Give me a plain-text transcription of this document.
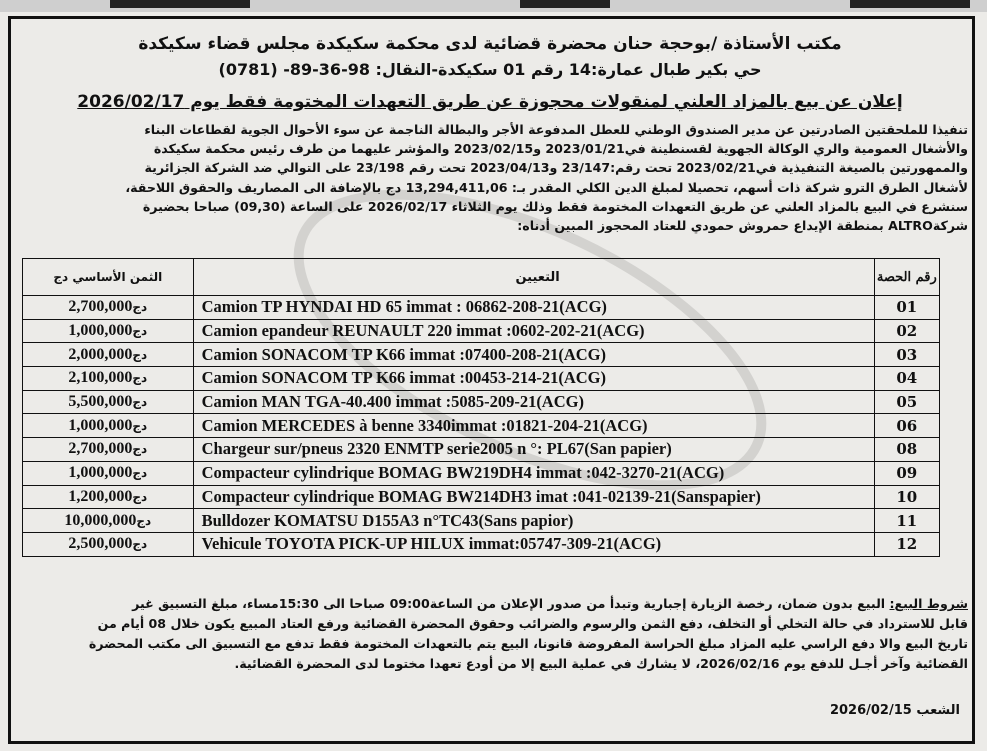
مكتب الأستاذة /بوحجة حنان محضرة قضائية لدى محكمة سكيكدة مجلس قضاء سكيكدة
حي بكير طبال عمارة:14 رقم 01 سكيكدة-النقال: 98-36-89- (0781)
إعلان عن بيع بالمزاد العلني لمنقولات محجوزة عن طريق التعهدات المختومة فقط يوم 2026/02/17

تنفيذا للملحقتين الصادرتين عن مدير الصندوق الوطني للعطل المدفوعة الأجر والبطالة الناجمة عن سوء الأحوال الجوية لقطاعات البناء

والأشغال العمومية والري الوكالة الجهوية لقسنطينة في2023/01/21 و2023/02/15 والمؤشر عليهما من طرف رئيس محكمة سكيكدة

والممهورتين بالصيغة التنفيذية في2023/02/21 تحت رقم:23/147 و2023/04/13 تحت رقم 23/198 على التوالي ضد الشركة الجزائرية

لأشغال الطرق الترو شركة ذات أسهم، تحصيلا لمبلغ الدين الكلي المقدر بـ: 13,294,411,06 دج بالإضافة الى المصاريف والحقوق اللاحقة،

سنشرع في البيع بالمزاد العلني عن طريق التعهدات المختومة فقط وذلك يوم الثلاثاء 2026/02/17 على الساعة (09,30) صباحا بحضيرة

شركةALTRO بمنطقة الإيداع حمروش حمودي للعتاد المحجوز المبين أدناه:

رقم الحصة	التعيين	الثمن الأساسي دج
01	Camion TP HYNDAI HD 65 immat : 06862-208-21(ACG)	دج2,700,000
02	Camion epandeur REUNAULT 220 immat :0602-202-21(ACG)	دج1,000,000
03	Camion SONACOM TP K66 immat :07400-208-21(ACG)	دج2,000,000
04	Camion SONACOM TP K66 immat :00453-214-21(ACG)	دج2,100,000
05	Camion MAN TGA-40.400 immat :5085-209-21(ACG)	دج5,500,000
06	Camion MERCEDES à benne 3340immat :01821-204-21(ACG)	دج1,000,000
08	Chargeur sur/pneus 2320 ENMTP serie2005 n °: PL67(San papier)	دج2,700,000
09	Compacteur cylindrique BOMAG BW219DH4 immat :042-3270-21(ACG)	دج1,000,000
10	Compacteur cylindrique BOMAG BW214DH3 imat :041-02139-21(Sanspapier)	دج1,200,000
11	Bulldozer KOMATSU D155A3 n°TC43(Sans papior)	دج10,000,000
12	Vehicule TOYOTA PICK-UP HILUX immat:05747-309-21(ACG)	دج2,500,000

شروط البيع: البيع بدون ضمان، رخصة الزيارة إجبارية وتبدأ من صدور الإعلان من الساعة09:00 صباحا الى 15:30مساء، مبلغ التسبيق غير

قابل للاسترداد في حالة التخلي أو التخلف، دفع الثمن والرسوم والضرائب وحقوق المحضرة القضائية ورفع العتاد المبيع يكون خلال 08 أيام من

تاريخ البيع والا دفع الراسي عليه المزاد مبلغ الحراسة المفروضة قانونا، البيع يتم بالتعهدات المختومة فقط تدفع مع التسبيق الى مكتب المحضرة

القضائية وآخر أجـل للدفع يوم 2026/02/16، لا يشارك في عملية البيع إلا من أودع تعهدا مختوما لدى المحضرة القضائية.

الشعب 2026/02/15
